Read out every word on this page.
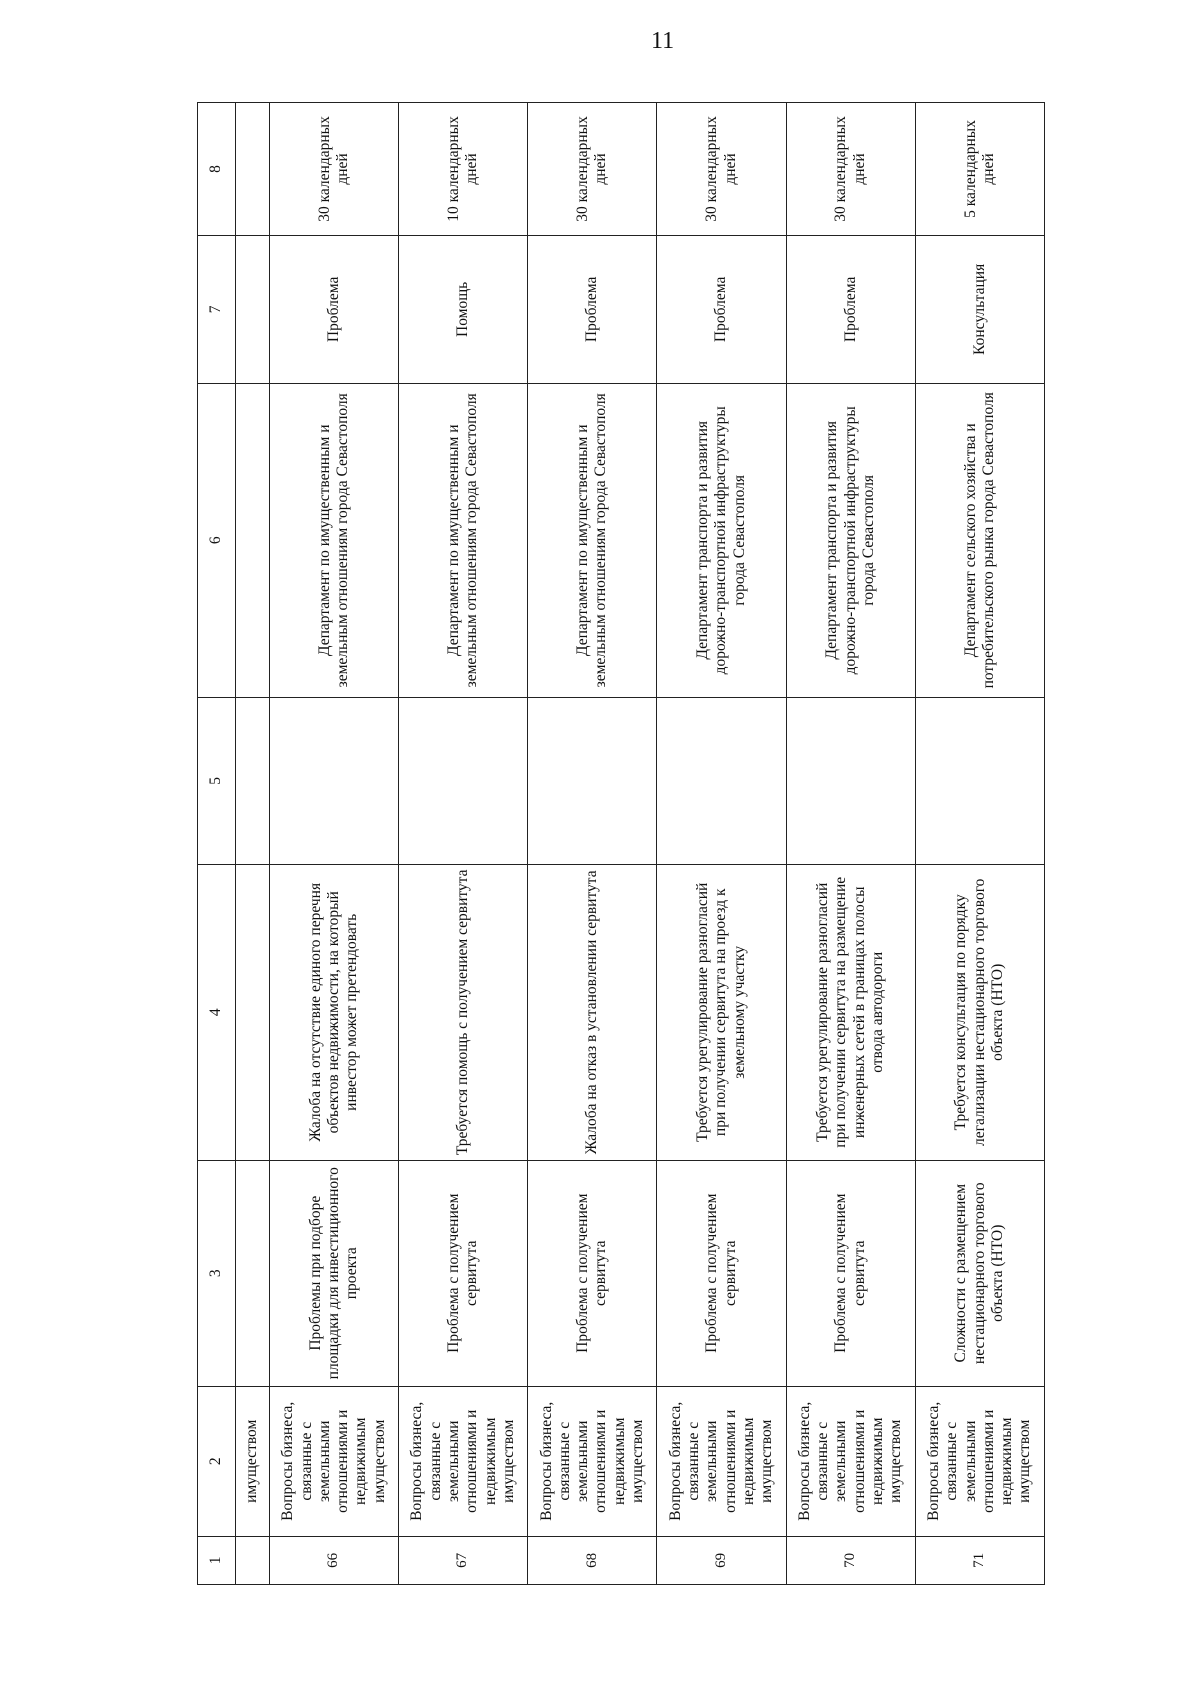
11
1	2	3	4	5	6	7	8
	имуществом						
66	Вопросы бизнеса, связанные с земельными отношениями и недвижимым имуществом	Проблемы при подборе площадки для инвестиционного проекта	Жалоба на отсутствие единого перечня объектов недвижимости, на который инвестор может претендовать		Департамент по имущественным и земельным отношениям города Севастополя	Проблема	30 календарных дней
67	Вопросы бизнеса, связанные с земельными отношениями и недвижимым имуществом	Проблема с получением сервитута	Требуется помощь с получением сервитута		Департамент по имущественным и земельным отношениям города Севастополя	Помощь	10 календарных дней
68	Вопросы бизнеса, связанные с земельными отношениями и недвижимым имуществом	Проблема с получением сервитута	Жалоба на отказ в установлении сервитута		Департамент по имущественным и земельным отношениям города Севастополя	Проблема	30 календарных дней
69	Вопросы бизнеса, связанные с земельными отношениями и недвижимым имуществом	Проблема с получением сервитута	Требуется урегулирование разногласий при получении сервитута на проезд к земельному участку		Департамент транспорта и развития дорожно-транспортной инфраструктуры города Севастополя	Проблема	30 календарных дней
70	Вопросы бизнеса, связанные с земельными отношениями и недвижимым имуществом	Проблема с получением сервитута	Требуется урегулирование разногласий при получении сервитута на размещение инженерных сетей в границах полосы отвода автодороги		Департамент транспорта и развития дорожно-транспортной инфраструктуры города Севастополя	Проблема	30 календарных дней
71	Вопросы бизнеса, связанные с земельными отношениями и недвижимым имуществом	Сложности с размещением нестационарного торгового объекта (НТО)	Требуется консультация по порядку легализации нестационарного торгового объекта (НТО)		Департамент сельского хозяйства и потребительского рынка города Севастополя	Консультация	5 календарных дней
